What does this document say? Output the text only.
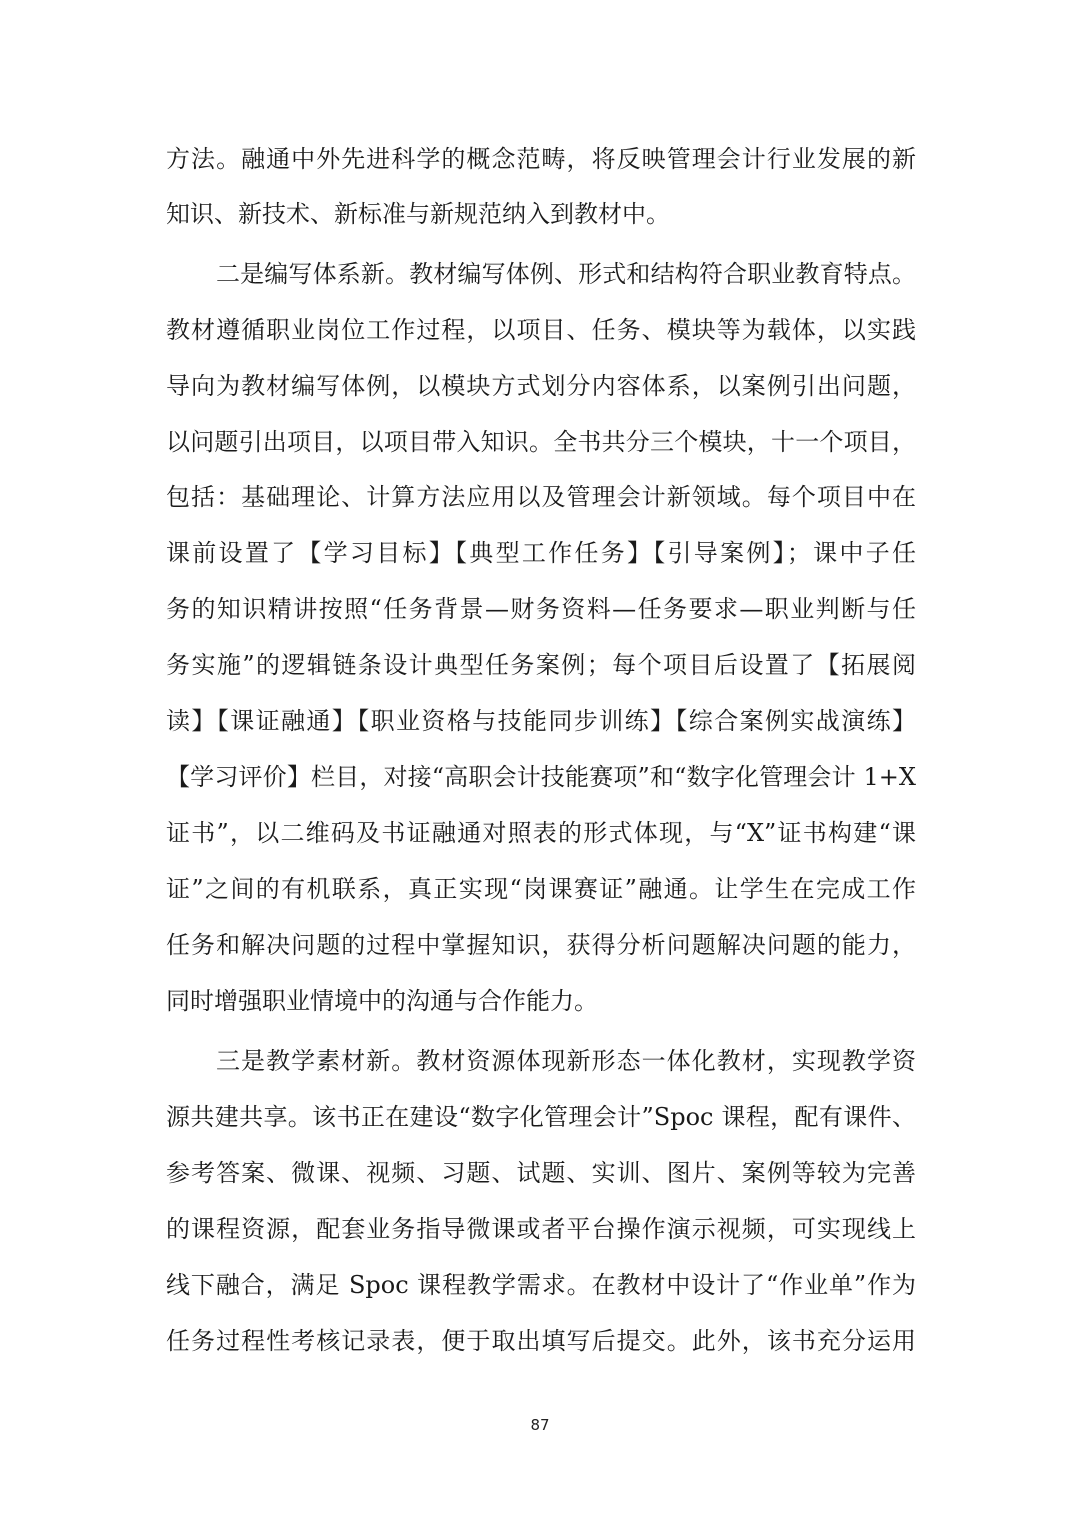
方法。融通中外先进科学的概念范畴，将反映管理会计行业发展的新
知识、新技术、新标准与新规范纳入到教材中。
二是编写体系新。教材编写体例、形式和结构符合职业教育特点。
教材遵循职业岗位工作过程，以项目、任务、模块等为载体，以实践
导向为教材编写体例，以模块方式划分内容体系，以案例引出问题，
以问题引出项目，以项目带入知识。全书共分三个模块，十一个项目，
包括：基础理论、计算方法应用以及管理会计新领域。每个项目中在
课前设置了【学习目标】【典型工作任务】【引导案例】；课中子任
务的知识精讲按照“任务背景—财务资料—任务要求—职业判断与任
务实施”的逻辑链条设计典型任务案例；每个项目后设置了【拓展阅
读】【课证融通】【职业资格与技能同步训练】【综合案例实战演练】
【学习评价】栏目，对接“高职会计技能赛项”和“数字化管理会计 1+X
证书”，以二维码及书证融通对照表的形式体现，与“X”证书构建“课
证”之间的有机联系，真正实现“岗课赛证”融通。让学生在完成工作
任务和解决问题的过程中掌握知识，获得分析问题解决问题的能力，
同时增强职业情境中的沟通与合作能力。
三是教学素材新。教材资源体现新形态一体化教材，实现教学资
源共建共享。该书正在建设“数字化管理会计”Spoc 课程，配有课件、
参考答案、微课、视频、习题、试题、实训、图片、案例等较为完善
的课程资源，配套业务指导微课或者平台操作演示视频，可实现线上
线下融合，满足 Spoc 课程教学需求。在教材中设计了“作业单”作为
任务过程性考核记录表，便于取出填写后提交。此外，该书充分运用
87
